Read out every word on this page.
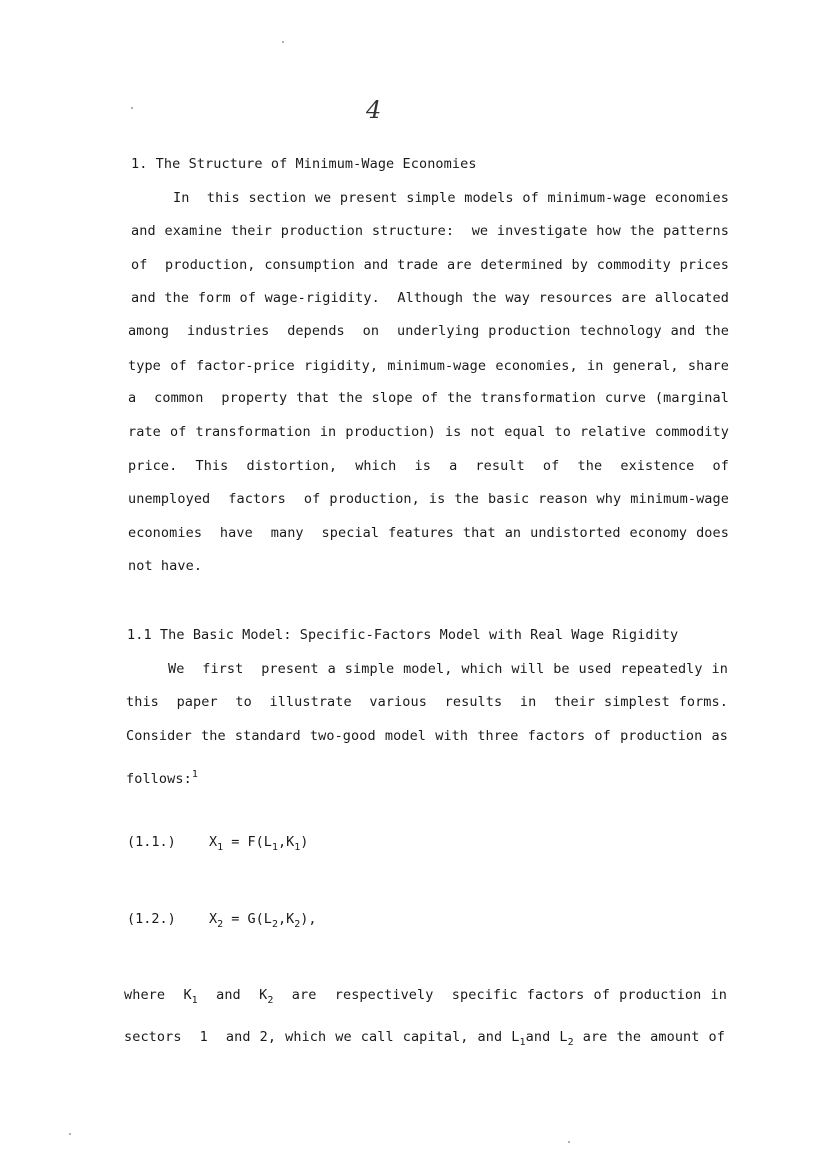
4
1. The Structure of Minimum-Wage Economies
In  this section we present simple models of minimum-wage economies
and examine their production structure:  we investigate how the patterns
of  production, consumption and trade are determined by commodity prices
and the form of wage-rigidity.  Although the way resources are allocated
among  industries  depends  on  underlying production technology and the
type of factor-price rigidity, minimum-wage economies, in general, share
a  common  property that the slope of the transformation curve (marginal
rate of transformation in production) is not equal to relative commodity
price.  This  distortion,  which  is  a  result  of  the  existence  of
unemployed  factors  of production, is the basic reason why minimum-wage
economies  have  many  special features that an undistorted economy does
not have.
1.1 The Basic Model: Specific-Factors Model with Real Wage Rigidity
We  first  present a simple model, which will be used repeatedly in
this  paper  to  illustrate  various  results  in  their simplest forms.
Consider the standard two-good model with three factors of production as
follows:$^1$
(1.1.) $X_1 = F(L_1,K_1)$
(1.2.) $X_2 = G(L_2,K_2)$,
where  $K_1$  and  $K_2$  are  respectively  specific factors of production in
sectors  1  and 2, which we call capital, and $L_1and$ $L_2$ are the amount of
